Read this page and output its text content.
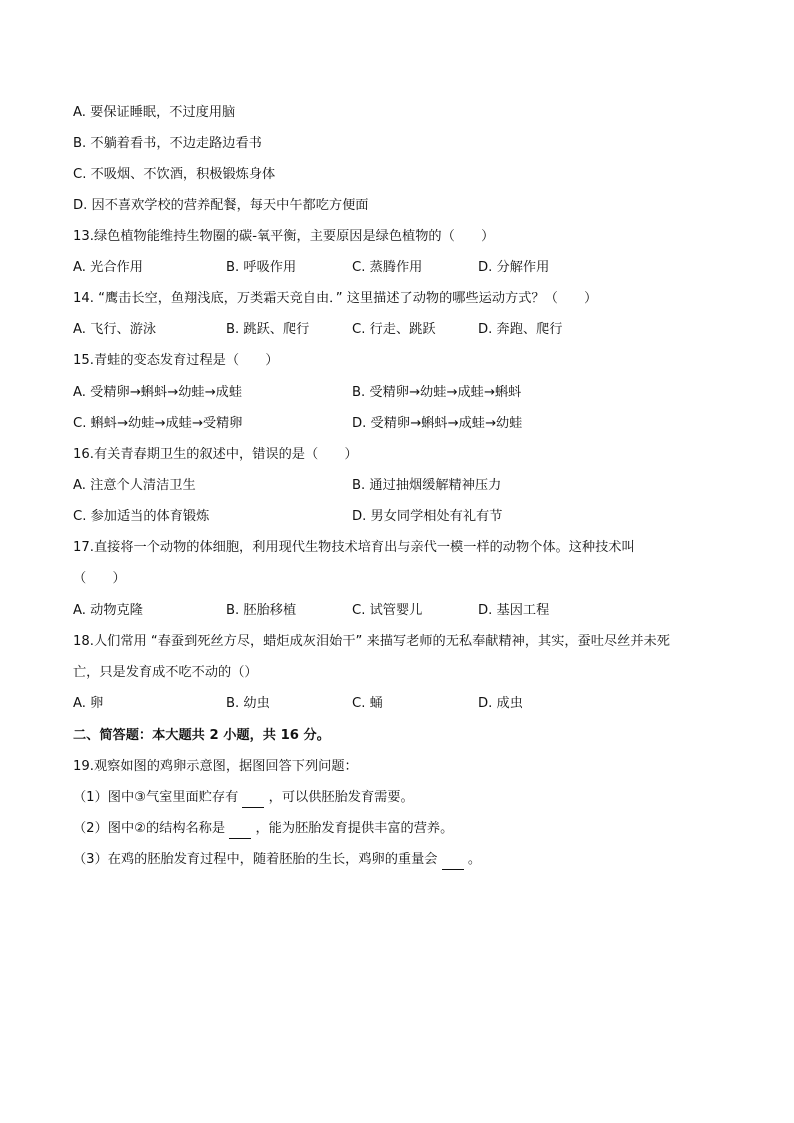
A. 要保证睡眠，不过度用脑
B. 不躺着看书，不边走路边看书
C. 不吸烟、不饮酒，积极锻炼身体
D. 因不喜欢学校的营养配餐，每天中午都吃方便面
13.绿色植物能维持生物圈的碳-氧平衡，主要原因是绿色植物的（　　）
A. 光合作用	B. 呼吸作用	C. 蒸腾作用	D. 分解作用
14. “鹰击长空，鱼翔浅底，万类霜天竞自由．” 这里描述了动物的哪些运动方式？（　　）
A. 飞行、游泳	B. 跳跃、爬行	C. 行走、跳跃	D. 奔跑、爬行
15.青蛙的变态发育过程是（　　）
A. 受精卵→蝌蚪→幼蛙→成蛙	B. 受精卵→幼蛙→成蛙→蝌蚪
C. 蝌蚪→幼蛙→成蛙→受精卵	D. 受精卵→蝌蚪→成蛙→幼蛙
16.有关青春期卫生的叙述中，错误的是（　　）
A. 注意个人清洁卫生	B. 通过抽烟缓解精神压力
C. 参加适当的体育锻炼	D. 男女同学相处有礼有节
17.直接将一个动物的体细胞，利用现代生物技术培育出与亲代一模一样的动物个体。这种技术叫
（　　）
A. 动物克隆	B. 胚胎移植	C. 试管婴儿	D. 基因工程
18.人们常用 “春蚕到死丝方尽，蜡炬成灰泪始干” 来描写老师的无私奉献精神，其实，蚕吐尽丝并未死
亡，只是发育成不吃不动的（）
A. 卵	B. 幼虫	C. 蛹	D. 成虫
二、简答题：本大题共 2 小题，共 16 分。
19.观察如图的鸡卵示意图，据图回答下列问题：
（1）图中③气室里面贮存有   ，可以供胚胎发育需要。
（2）图中②的结构名称是   ，能为胚胎发育提供丰富的营养。
（3）在鸡的胚胎发育过程中，随着胚胎的生长，鸡卵的重量会   。
